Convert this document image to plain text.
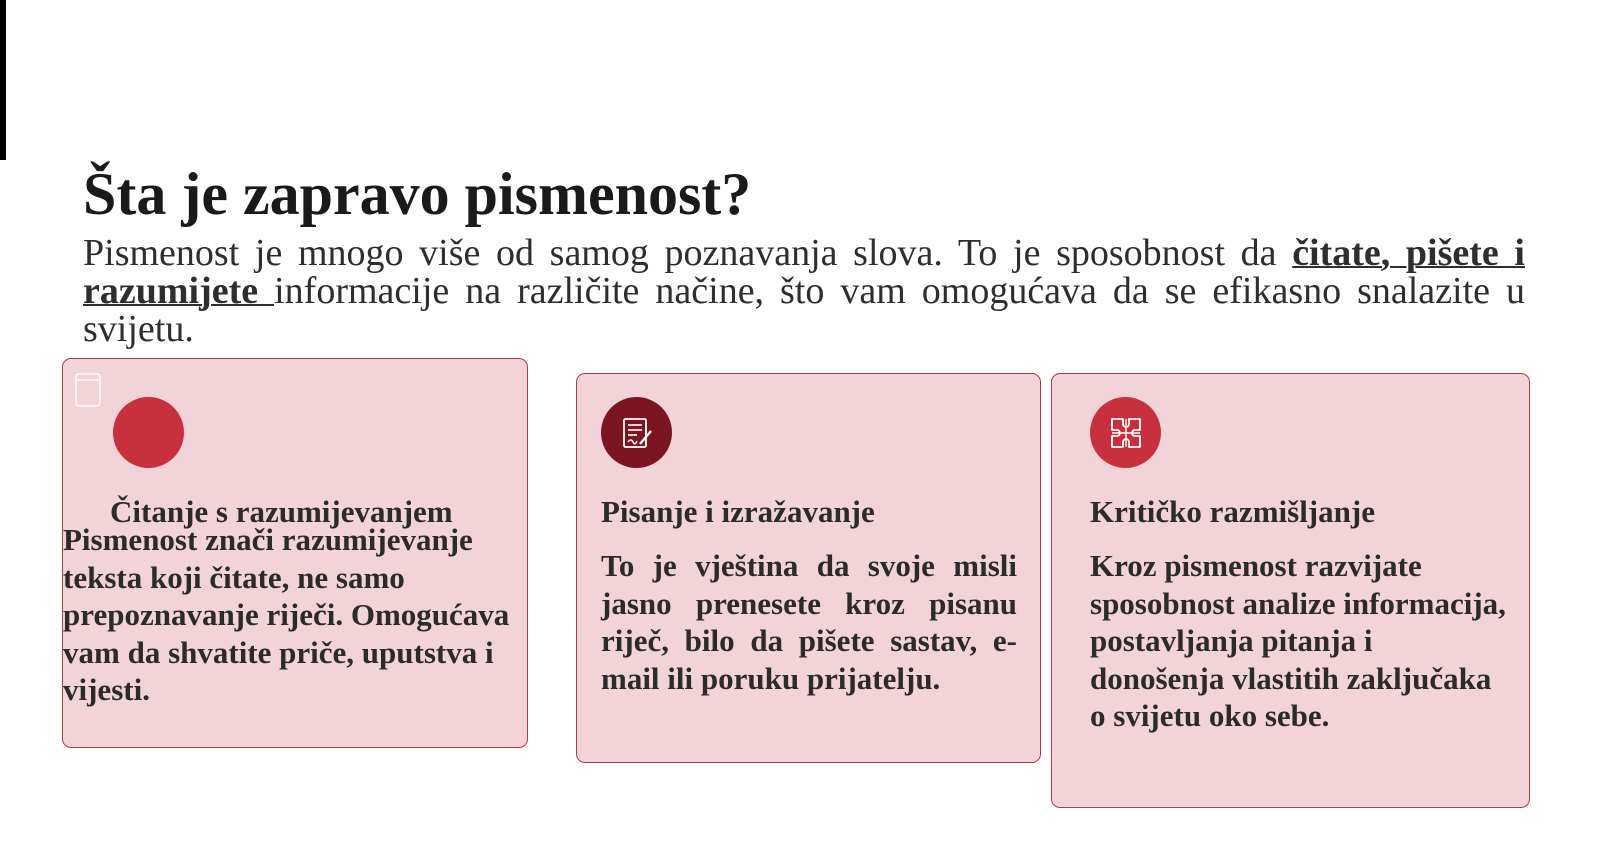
Šta je zapravo pismenost?

Pismenost je mnogo više od samog poznavanja slova. To je sposobnost da čitate, pišete i razumijete informacije na različite načine, što vam omogućava da se efikasno snalazite u svijetu.

Čitanje s razumijevanjem

Pismenost znači razumijevanje teksta koji čitate, ne samo prepoznavanje riječi. Omogućava vam da shvatite priče, uputstva i vijesti.

Pisanje i izražavanje

To je vještina da svoje misli jasno prenesete kroz pisanu riječ, bilo da pišete sastav, e-mail ili poruku prijatelju.

Kritičko razmišljanje

Kroz pismenost razvijate sposobnost analize informacija, postavljanja pitanja i donošenja vlastitih zaključaka o svijetu oko sebe.
